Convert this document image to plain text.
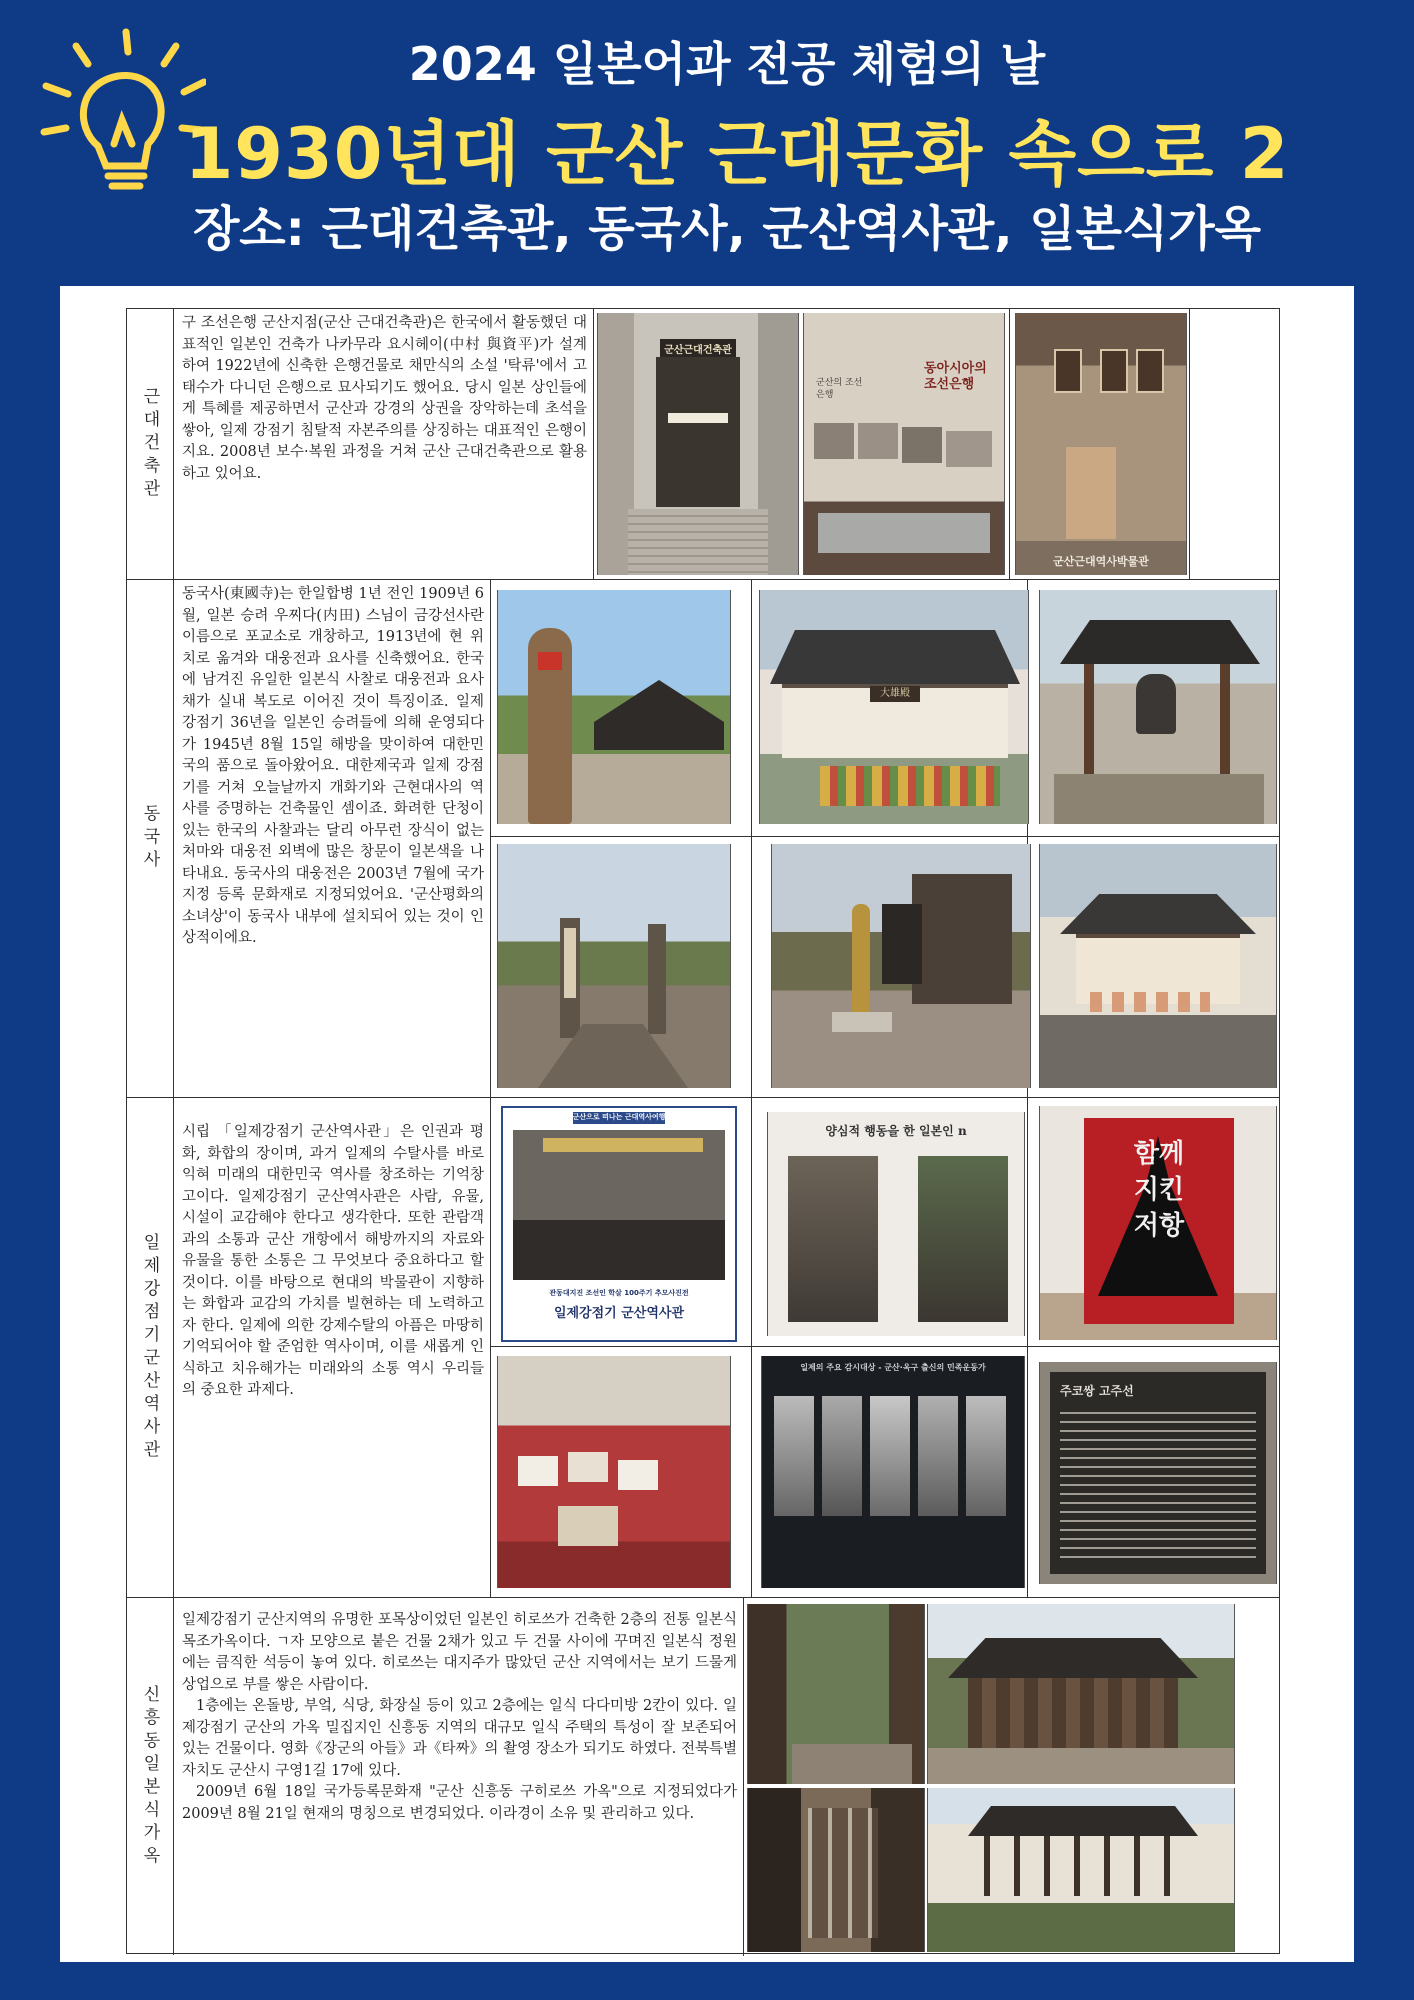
2024 일본어과 전공 체험의 날
1930년대 군산 근대문화 속으로 2
장소: 근대건축관, 동국사, 군산역사관, 일본식가옥
근대건축관

구 조선은행 군산지점(군산 근대건축관)은 한국에서 활동했던 대표적인 일본인 건축가 나카무라 요시헤이(中村 與資平)가 설계하여 1922년에 신축한 은행건물로 채만식의 소설 '탁류'에서 고태수가 다니던 은행으로 묘사되기도 했어요. 당시 일본 상인들에게 특혜를 제공하면서 군산과 강경의 상권을 장악하는데 초석을 쌓아, 일제 강점기 침탈적 자본주의를 상징하는 대표적인 은행이지요. 2008년 보수·복원 과정을 거쳐 군산 근대건축관으로 활용하고 있어요.

군산근대건축관
동아시아의 조선은행
군산의 조선은행
군산근대역사박물관
동국사

동국사(東國寺)는 한일합병 1년 전인 1909년 6월, 일본 승려 우찌다(内田) 스님이 금강선사란 이름으로 포교소로 개창하고, 1913년에 현 위치로 옮겨와 대웅전과 요사를 신축했어요. 한국에 남겨진 유일한 일본식 사찰로 대웅전과 요사채가 실내 복도로 이어진 것이 특징이죠. 일제 강점기 36년을 일본인 승려들에 의해 운영되다가 1945년 8월 15일 해방을 맞이하여 대한민국의 품으로 돌아왔어요. 대한제국과 일제 강점기를 거쳐 오늘날까지 개화기와 근현대사의 역사를 증명하는 건축물인 셈이죠. 화려한 단청이 있는 한국의 사찰과는 달리 아무런 장식이 없는 처마와 대웅전 외벽에 많은 창문이 일본색을 나타내요. 동국사의 대웅전은 2003년 7월에 국가지정 등록 문화재로 지정되었어요. '군산평화의소녀상'이 동국사 내부에 설치되어 있는 것이 인상적이에요.

大雄殿
일제강점기군산역사관

시립 「일제강점기 군산역사관」은 인권과 평화, 화합의 장이며, 과거 일제의 수탈사를 바로 익혀 미래의 대한민국 역사를 창조하는 기억창고이다. 일제강점기 군산역사관은 사람, 유물, 시설이 교감해야 한다고 생각한다. 또한 관람객과의 소통과 군산 개항에서 해방까지의 자료와 유물을 통한 소통은 그 무엇보다 중요하다고 할 것이다. 이를 바탕으로 현대의 박물관이 지향하는 화합과 교감의 가치를 빌현하는 데 노력하고자 한다. 일제에 의한 강제수탈의 아픔은 마땅히 기억되어야 할 준엄한 역사이며, 이를 새롭게 인식하고 치유해가는 미래와의 소통 역시 우리들의 중요한 과제다.

군산으로 떠나는 근대역사여행
관동대지진 조선인 학살 100주기 추모사진전
일제강점기 군산역사관
양심적 행동을 한 일본인 n
함께
지킨
저항
일제의 주요 감시대상 - 군산·옥구 출신의 민족운동가
주코쌍 고주선
신흥동일본식가옥

일제강점기 군산지역의 유명한 포목상이었던 일본인 히로쓰가 건축한 2층의 전통 일본식 목조가옥이다. ㄱ자 모양으로 붙은 건물 2채가 있고 두 건물 사이에 꾸며진 일본식 정원에는 큼직한 석등이 놓여 있다. 히로쓰는 대지주가 많았던 군산 지역에서는 보기 드물게 상업으로 부를 쌓은 사람이다.

1층에는 온돌방, 부엌, 식당, 화장실 등이 있고 2층에는 일식 다다미방 2칸이 있다. 일제강점기 군산의 가옥 밀집지인 신흥동 지역의 대규모 일식 주택의 특성이 잘 보존되어 있는 건물이다. 영화《장군의 아들》과《타짜》의 촬영 장소가 되기도 하였다. 전북특별자치도 군산시 구영1길 17에 있다.

2009년 6월 18일 국가등록문화재 "군산 신흥동 구히로쓰 가옥"으로 지정되었다가 2009년 8월 21일 현재의 명칭으로 변경되었다. 이라경이 소유 및 관리하고 있다.
